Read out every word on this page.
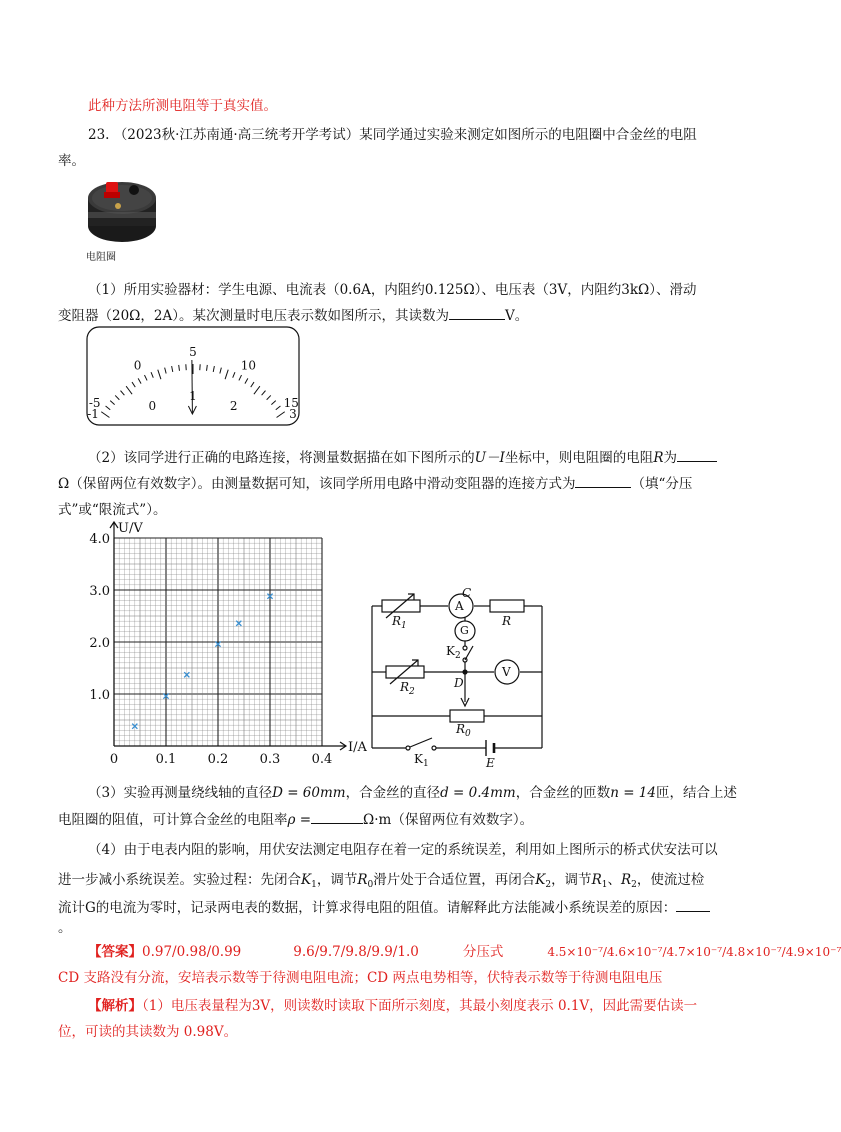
此种方法所测电阻等于真实值。
23. （2023秋·江苏南通·高三统考开学考试）某同学通过实验来测定如图所示的电阻圈中合金丝的电阻
率。
电阻圈
（1）所用实验器材：学生电源、电流表（0.6A，内阻约0.125Ω）、电压表（3V，内阻约3kΩ）、滑动
变阻器（20Ω，2A）。某次测量时电压表示数如图所示，其读数为	V。
-5
0
5
10
15
-1
0
1
2
3
（2）该同学进行正确的电路连接，将测量数据描在如下图所示的U－I坐标中，则电阻圈的电阻R为
Ω（保留两位有效数字）。由测量数据可知，该同学所用电路中滑动变阻器的连接方式为	（填“分压
式”或“限流式”）。
0	0.1 0.2 0.3 0.4
1.0
2.0
3.0
4.0
I/A
U/V
A
C
$R_1$	R
G
$K_2$
$R_2$
D
V
$R_0$
$K_1$	E
（3）实验再测量绕线轴的直径D = 60mm，合金丝的直径d = 0.4mm，合金丝的匝数n = 14匝，结合上述
电阻圈的阻值，可计算合金丝的电阻率ρ =	Ω·m（保留两位有效数字）。
（4）由于电表内阻的影响，用伏安法测定电阻存在着一定的系统误差，利用如上图所示的桥式伏安法可以
进一步减小系统误差。实验过程：先闭合$K_1$，调节$R_0$滑片处于合适位置，再闭合$K_2$，调节$R_1$、$R_2$，使流过检
流计G的电流为零时，记录两电表的数据，计算求得电阻的阻值。请解释此方法能减小系统误差的原因：
。
【答案】0.97/0.98/0.99	9.6/9.7/9.8/9.9/1.0	分压式	4.5×10⁻⁷/4.6×10⁻⁷/4.7×10⁻⁷/4.8×10⁻⁷/4.9×10⁻⁷
CD 支路没有分流，安培表示数等于待测电阻电流；CD 两点电势相等，伏特表示数等于待测电阻电压
【解析】（1）电压表量程为3V，则读数时读取下面所示刻度，其最小刻度表示 0.1V，因此需要估读一
位，可读的其读数为 0.98V。
